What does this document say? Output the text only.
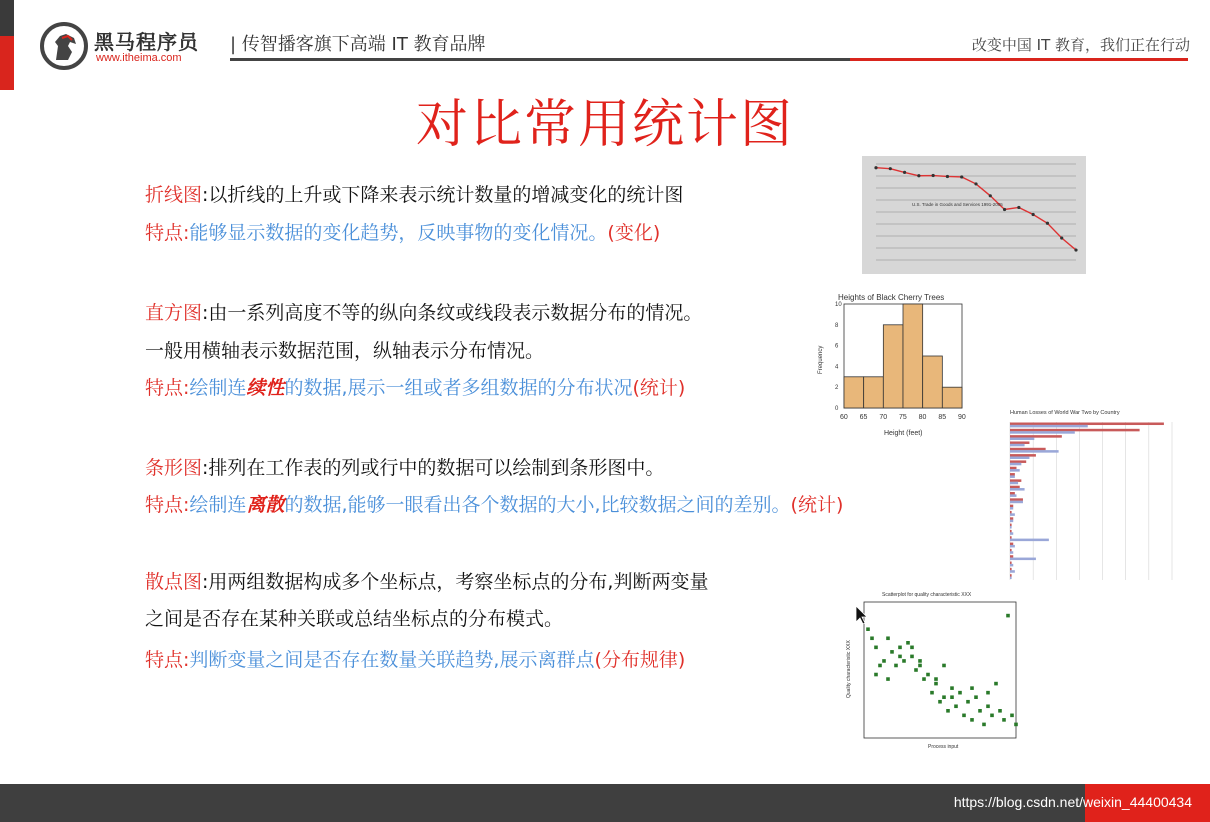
黑马程序员
www.itheima.com
| 传智播客旗下高端 IT 教育品牌	改变中国 IT 教育，我们正在行动
对比常用统计图
折线图:以折线的上升或下降来表示统计数量的增减变化的统计图
特点:能够显示数据的变化趋势，反映事物的变化情况。(变化)
直方图:由一系列高度不等的纵向条纹或线段表示数据分布的情况。
一般用横轴表示数据范围，纵轴表示分布情况。
特点:绘制连续性的数据,展示一组或者多组数据的分布状况(统计)
条形图:排列在工作表的列或行中的数据可以绘制到条形图中。
特点:绘制连离散的数据,能够一眼看出各个数据的大小,比较数据之间的差别。(统计)
散点图:用两组数据构成多个坐标点，考察坐标点的分布,判断两变量
之间是否存在某种关联或总结坐标点的分布模式。
特点:判断变量之间是否存在数量关联趋势,展示离群点(分布规律)
U.S. Trade in Goods and Services 1991-2005
Heights of Black Cherry Trees
60 65 70 75 80 85 90
0
2
4
6
8
10
Height (feet)
Frequency
Human Losses of World War Two by Country
Scatterplot for quality characteristic XXX
Process input
Quality characteristic XXX
https://blog.csdn.net/weixin_44400434
